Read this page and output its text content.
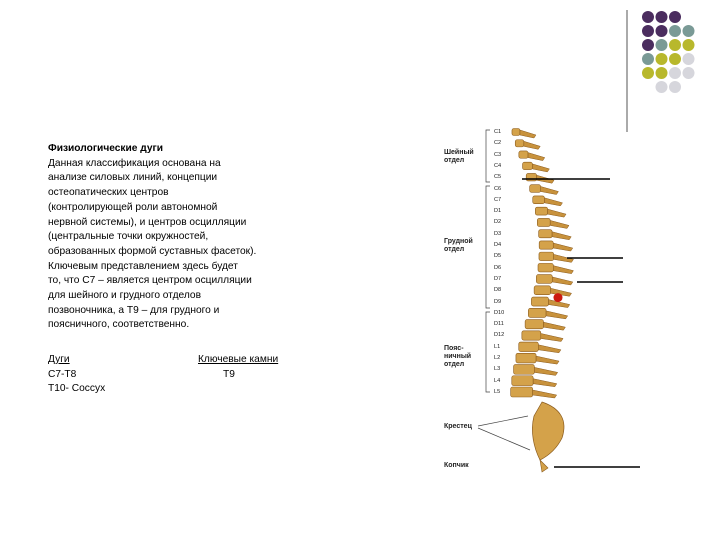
Физиологические дуги
Данная классификация основана на
анализе силовых линий, концепции
остеопатических центров
(контролирующей роли автономной
нервной системы), и центров осцилляции
(центральные точки окружностей,
образованных формой суставных фасеток).
Ключевым представлением здесь будет
то, что С7 – является центром осцилляции
для шейного и грудного отделов
позвоночника, а Т9 – для грудного и
поясничного, соответственно.
Дуги
С7-Т8
Т10- Соссух
Ключевые камни
Т9
Шейный
отдел
Грудной
отдел
Пояс-
ничный
отдел
Крестец
Копчик
C1
C2
C3
C4
C5
C6
C7
D1
D2
D3
D4
D5
D6
D7
D8
D9
D10
D11
D12
L1
L2
L3
L4
L5
